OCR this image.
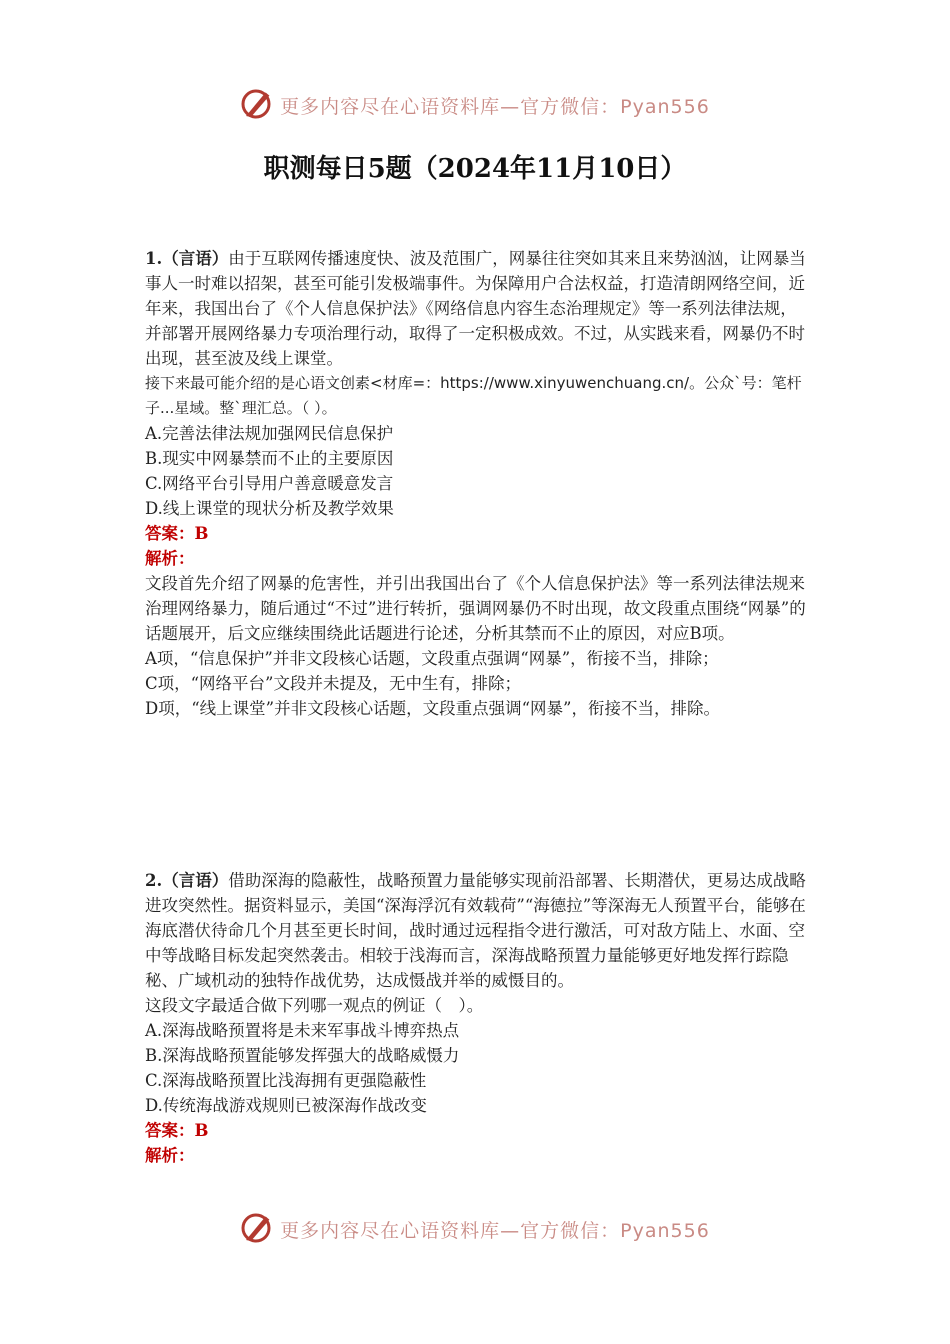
更多内容尽在心语资料库—官方微信：Pyan556
职测每日5题（2024年11月10日）

1.（言语）由于互联网传播速度快、波及范围广，网暴往往突如其来且来势汹汹，让网暴当事人一时难以招架，甚至可能引发极端事件。为保障用户合法权益，打造清朗网络空间，近年来，我国出台了《个人信息保护法》《网络信息内容生态治理规定》等一系列法律法规，并部署开展网络暴力专项治理行动，取得了一定积极成效。不过，从实践来看，网暴仍不时出现，甚至波及线上课堂。

接下来最可能介绍的是心语文创素<材库=：https://www.xinyuwenchuang.cn/。公众`号：笔杆子...星域。整`理汇总。（ ）。

A.完善法律法规加强网民信息保护

B.现实中网暴禁而不止的主要原因

C.网络平台引导用户善意暖意发言

D.线上课堂的现状分析及教学效果

答案：B

解析：

文段首先介绍了网暴的危害性，并引出我国出台了《个人信息保护法》等一系列法律法规来治理网络暴力，随后通过“不过”进行转折，强调网暴仍不时出现，故文段重点围绕“网暴”的话题展开，后文应继续围绕此话题进行论述，分析其禁而不止的原因，对应B项。

A项，“信息保护”并非文段核心话题，文段重点强调“网暴”，衔接不当，排除；

C项，“网络平台”文段并未提及，无中生有，排除；

D项，“线上课堂”并非文段核心话题，文段重点强调“网暴”，衔接不当，排除。

2.（言语）借助深海的隐蔽性，战略预置力量能够实现前沿部署、长期潜伏，更易达成战略进攻突然性。据资料显示，美国“深海浮沉有效载荷”“海德拉”等深海无人预置平台，能够在海底潜伏待命几个月甚至更长时间，战时通过远程指令进行激活，可对敌方陆上、水面、空中等战略目标发起突然袭击。相较于浅海而言，深海战略预置力量能够更好地发挥行踪隐秘、广域机动的独特作战优势，达成慑战并举的威慑目的。

这段文字最适合做下列哪一观点的例证（　）。

A.深海战略预置将是未来军事战斗博弈热点

B.深海战略预置能够发挥强大的战略威慑力

C.深海战略预置比浅海拥有更强隐蔽性

D.传统海战游戏规则已被深海作战改变

答案：B

解析：

更多内容尽在心语资料库—官方微信：Pyan556
